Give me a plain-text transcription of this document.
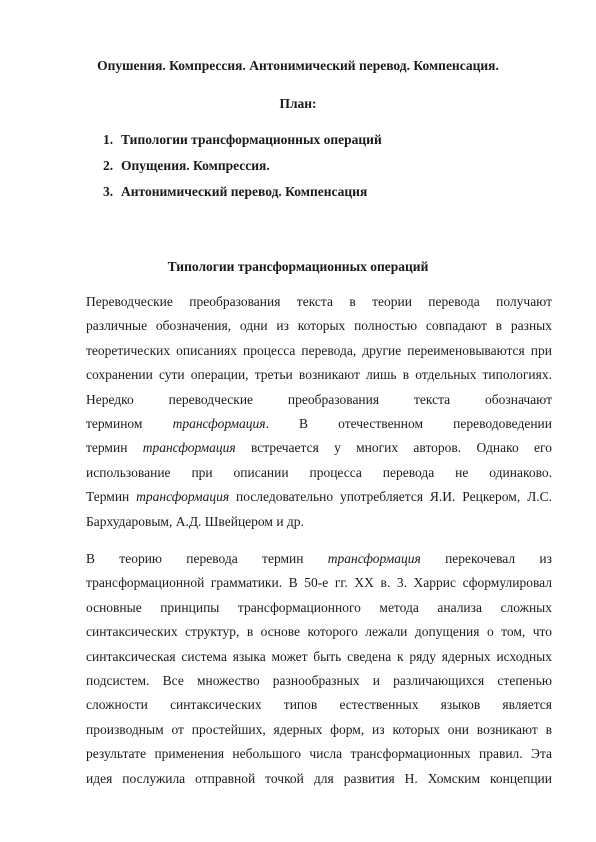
Опушения. Компрессия. Антонимический перевод. Компенсация.
План:
1. Типологии трансформационных операций
2. Опущения. Компрессия.
3. Антонимический перевод. Компенсация
Типологии трансформационных операций
Переводческие преобразования текста в теории перевода получают
различные обозначения, одни из которых полностью совпадают в разных
теоретических описаниях процесса перевода, другие переименовываются при
сохранении сути операции, третьи возникают лишь в отдельных типологиях.
Нередко переводческие преобразования текста обозначают
термином трансформация. В отечественном переводоведении
термин трансформация встречается у многих авторов. Однако его
использование при описании процесса перевода не одинаково.
Термин трансформация последовательно употребляется Я.И. Рецкером, Л.С.
Бархударовым, А.Д. Швейцером и др.
В теорию перевода термин трансформация перекочевал из
трансформационной грамматики. В 50-е гг. XX в. 3. Харрис сформулировал
основные принципы трансформационного метода анализа сложных
синтаксических структур, в основе которого лежали допущения о том, что
синтаксическая система языка может быть сведена к ряду ядерных исходных
подсистем. Все множество разнообразных и различающихся степенью
сложности синтаксических типов естественных языков является
производным от простейших, ядерных форм, из которых они возникают в
результате применения небольшого числа трансформационных правил. Эта
идея послужила отправной точкой для развития Н. Хомским концепции
